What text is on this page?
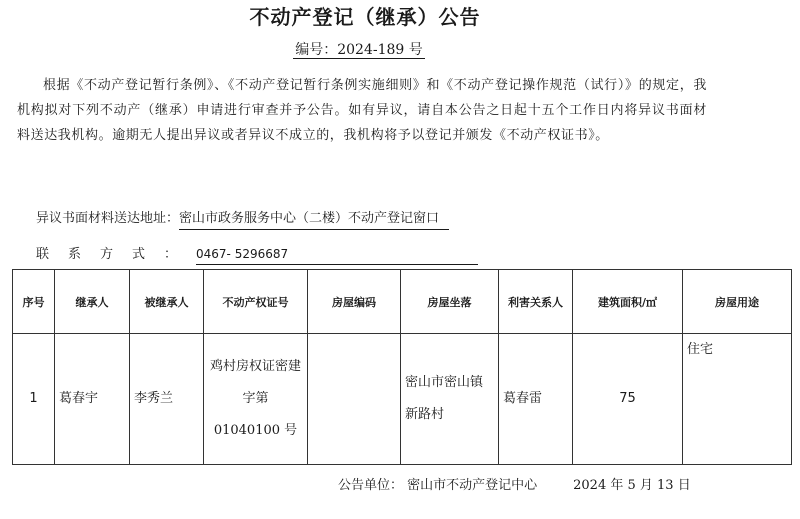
不动产登记（继承）公告
编号：2024-189 号
根据《不动产登记暂行条例》、《不动产登记暂行条例实施细则》和《不动产登记操作规范（试行）》的规定，我机构拟对下列不动产（继承）申请进行审查并予公告。如有异议，请自本公告之日起十五个工作日内将异议书面材料送达我机构。逾期无人提出异议或者异议不成立的，我机构将予以登记并颁发《不动产权证书》。
异议书面材料送达地址：密山市政务服务中心（二楼）不动产登记窗口
联系方式：0467- 5296687
序号	继承人	被继承人	不动产权证号	房屋编码	房屋坐落	利害关系人	建筑面积/㎡	房屋用途
1	葛春宇	李秀兰	鸡村房权证密建字第 01040100 号		密山市密山镇新路村	葛春雷	75	住宅
公告单位： 密山市不动产登记中心	2024 年 5 月 13 日
